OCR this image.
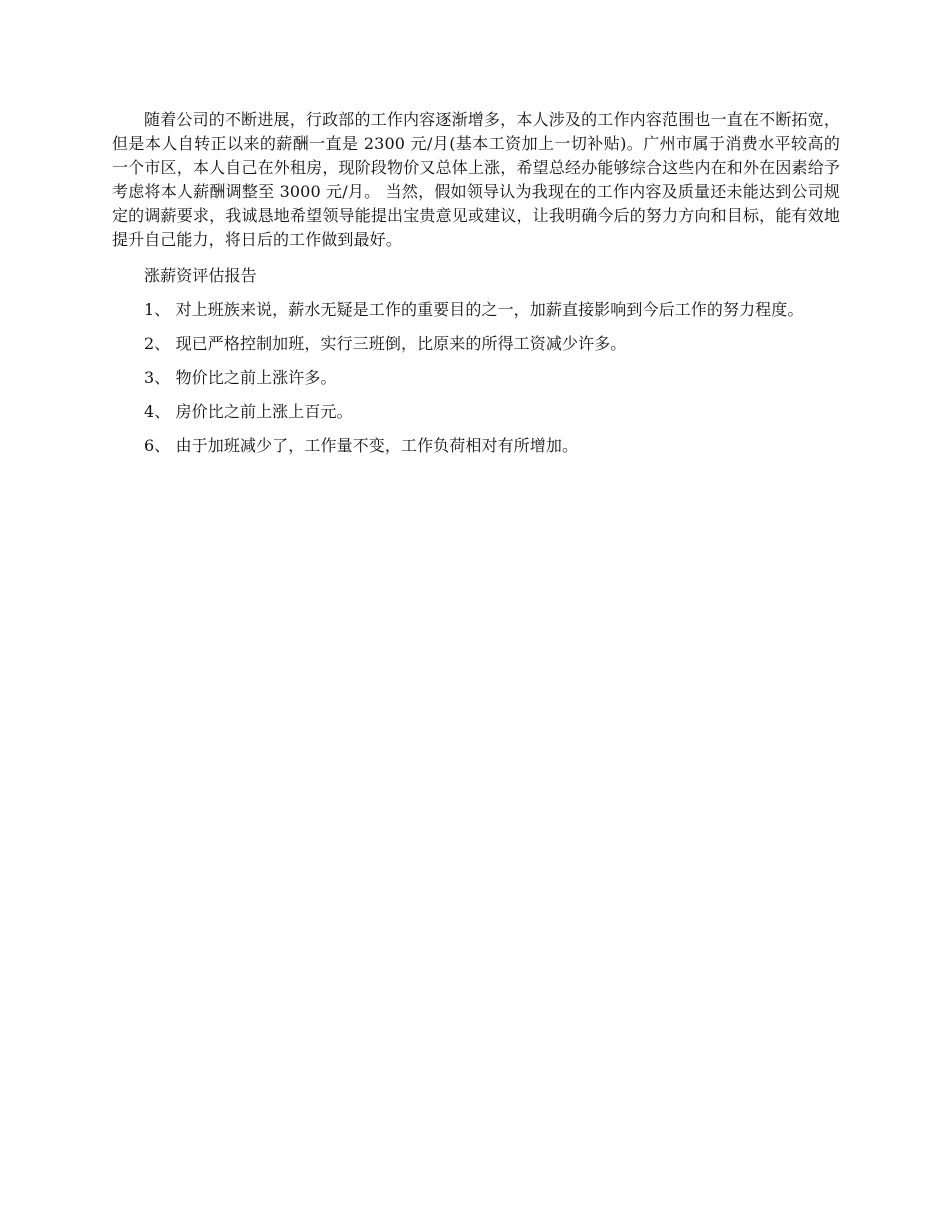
随着公司的不断进展，行政部的工作内容逐渐增多，本人涉及的工作内容范围也一直在不断拓宽，但是本人自转正以来的薪酬一直是 2300 元/月(基本工资加上一切补贴)。广州市属于消费水平较高的一个市区，本人自己在外租房，现阶段物价又总体上涨，希望总经办能够综合这些内在和外在因素给予考虑将本人薪酬调整至 3000 元/月。 当然，假如领导认为我现在的工作内容及质量还未能达到公司规定的调薪要求，我诚恳地希望领导能提出宝贵意见或建议，让我明确今后的努力方向和目标，能有效地提升自己能力，将日后的工作做到最好。

涨薪资评估报告

1、 对上班族来说，薪水无疑是工作的重要目的之一，加薪直接影响到今后工作的努力程度。

2、 现已严格控制加班，实行三班倒，比原来的所得工资减少许多。

3、 物价比之前上涨许多。

4、 房价比之前上涨上百元。

6、 由于加班减少了，工作量不变，工作负荷相对有所增加。
